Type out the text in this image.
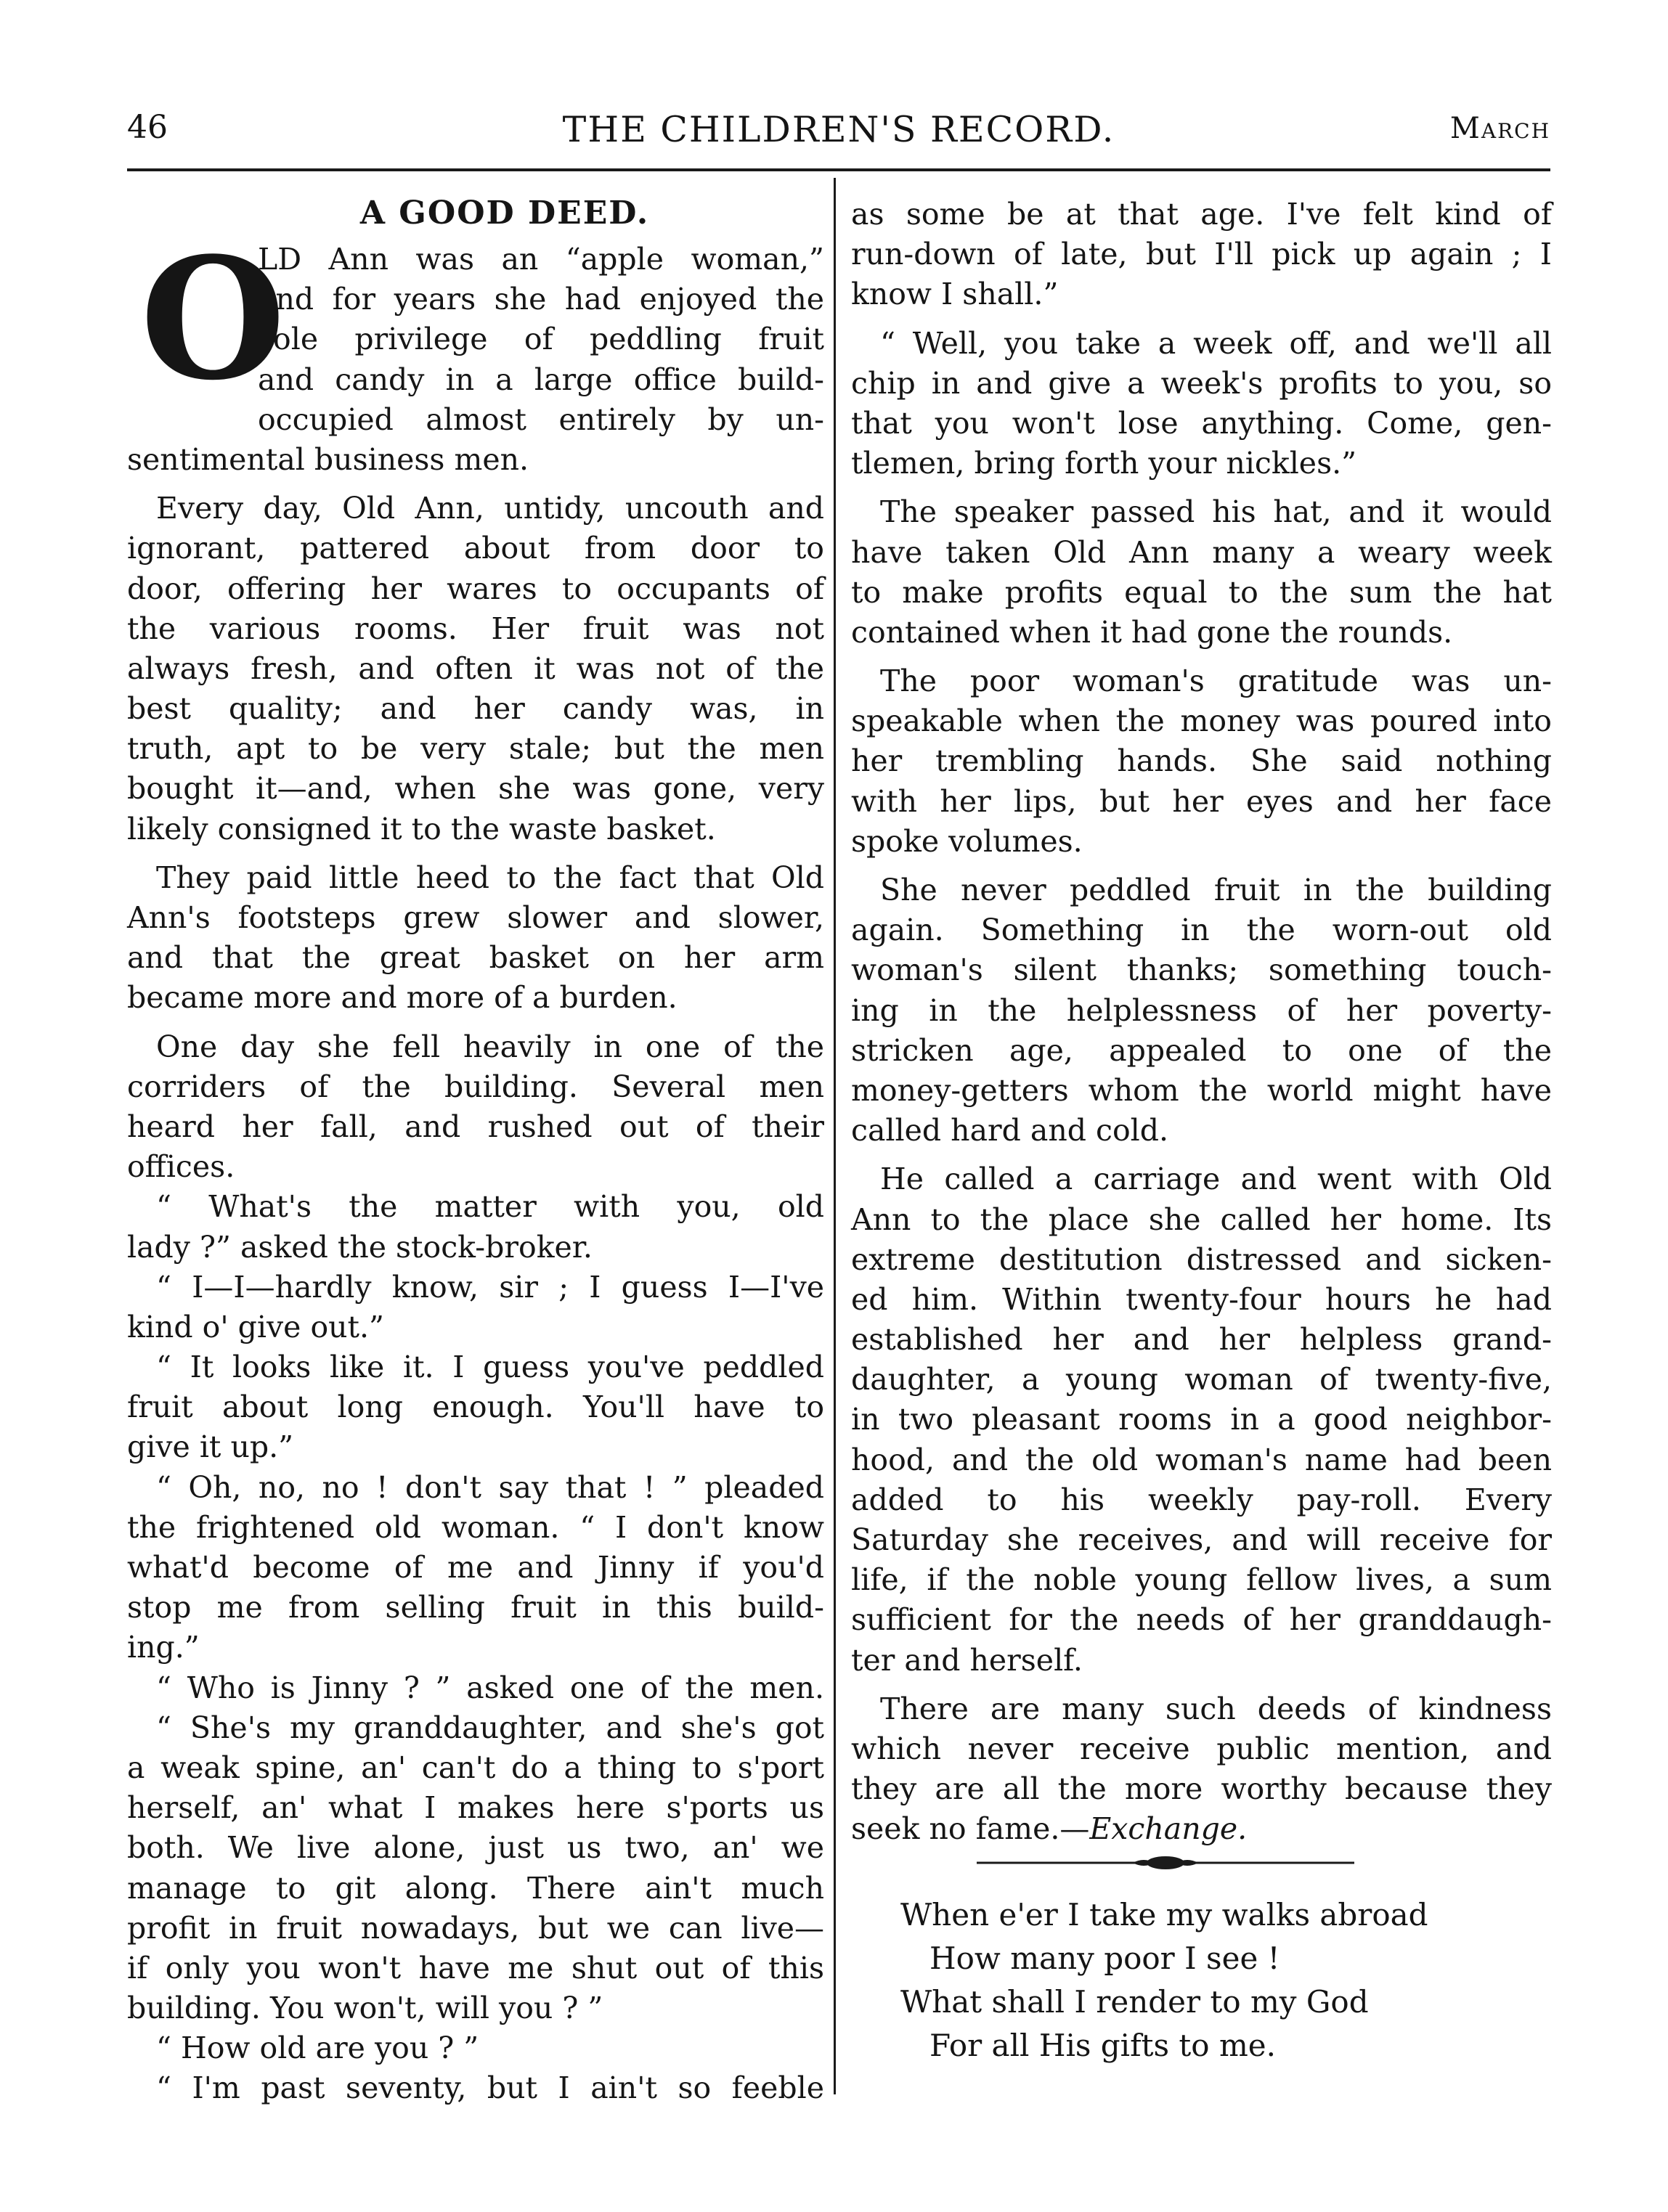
46	THE CHILDREN'S RECORD.	March
A GOOD DEED.
O
LD Ann was an “apple woman,”
and for years she had enjoyed the
sole privilege of peddling fruit
and candy in a large office build-
occupied almost entirely by un-
sentimental business men.
Every day, Old Ann, untidy, uncouth and
ignorant, pattered about from door to
door, offering her wares to occupants of
the various rooms. Her fruit was not
always fresh, and often it was not of the
best quality; and her candy was, in
truth, apt to be very stale; but the men
bought it—and, when she was gone, very
likely consigned it to the waste basket.
They paid little heed to the fact that Old
Ann's footsteps grew slower and slower,
and that the great basket on her arm
became more and more of a burden.
One day she fell heavily in one of the
corriders of the building. Several men
heard her fall, and rushed out of their
offices.
“ What's the matter with you, old
lady ?” asked the stock-broker.
“ I—I—hardly know, sir ; I guess I—I've
kind o' give out.”
“ It looks like it. I guess you've peddled
fruit about long enough. You'll have to
give it up.”
“ Oh, no, no ! don't say that ! ” pleaded
the frightened old woman. “ I don't know
what'd become of me and Jinny if you'd
stop me from selling fruit in this build-
ing.”
“ Who is Jinny ? ” asked one of the men.
“ She's my granddaughter, and she's got
a weak spine, an' can't do a thing to s'port
herself, an' what I makes here s'ports us
both. We live alone, just us two, an' we
manage to git along. There ain't much
profit in fruit nowadays, but we can live—
if only you won't have me shut out of this
building. You won't, will you ? ”
“ How old are you ? ”
“ I'm past seventy, but I ain't so feeble
as some be at that age. I've felt kind of
run-down of late, but I'll pick up again ; I
know I shall.”
“ Well, you take a week off, and we'll all
chip in and give a week's profits to you, so
that you won't lose anything. Come, gen-
tlemen, bring forth your nickles.”
The speaker passed his hat, and it would
have taken Old Ann many a weary week
to make profits equal to the sum the hat
contained when it had gone the rounds.
The poor woman's gratitude was un-
speakable when the money was poured into
her trembling hands. She said nothing
with her lips, but her eyes and her face
spoke volumes.
She never peddled fruit in the building
again. Something in the worn-out old
woman's silent thanks; something touch-
ing in the helplessness of her poverty-
stricken age, appealed to one of the
money-getters whom the world might have
called hard and cold.
He called a carriage and went with Old
Ann to the place she called her home. Its
extreme destitution distressed and sicken-
ed him. Within twenty-four hours he had
established her and her helpless grand-
daughter, a young woman of twenty-five,
in two pleasant rooms in a good neighbor-
hood, and the old woman's name had been
added to his weekly pay-roll. Every
Saturday she receives, and will receive for
life, if the noble young fellow lives, a sum
sufficient for the needs of her granddaugh-
ter and herself.
There are many such deeds of kindness
which never receive public mention, and
they are all the more worthy because they
seek no fame.—Exchange.
When e'er I take my walks abroad
How many poor I see !
What shall I render to my God
For all His gifts to me.
